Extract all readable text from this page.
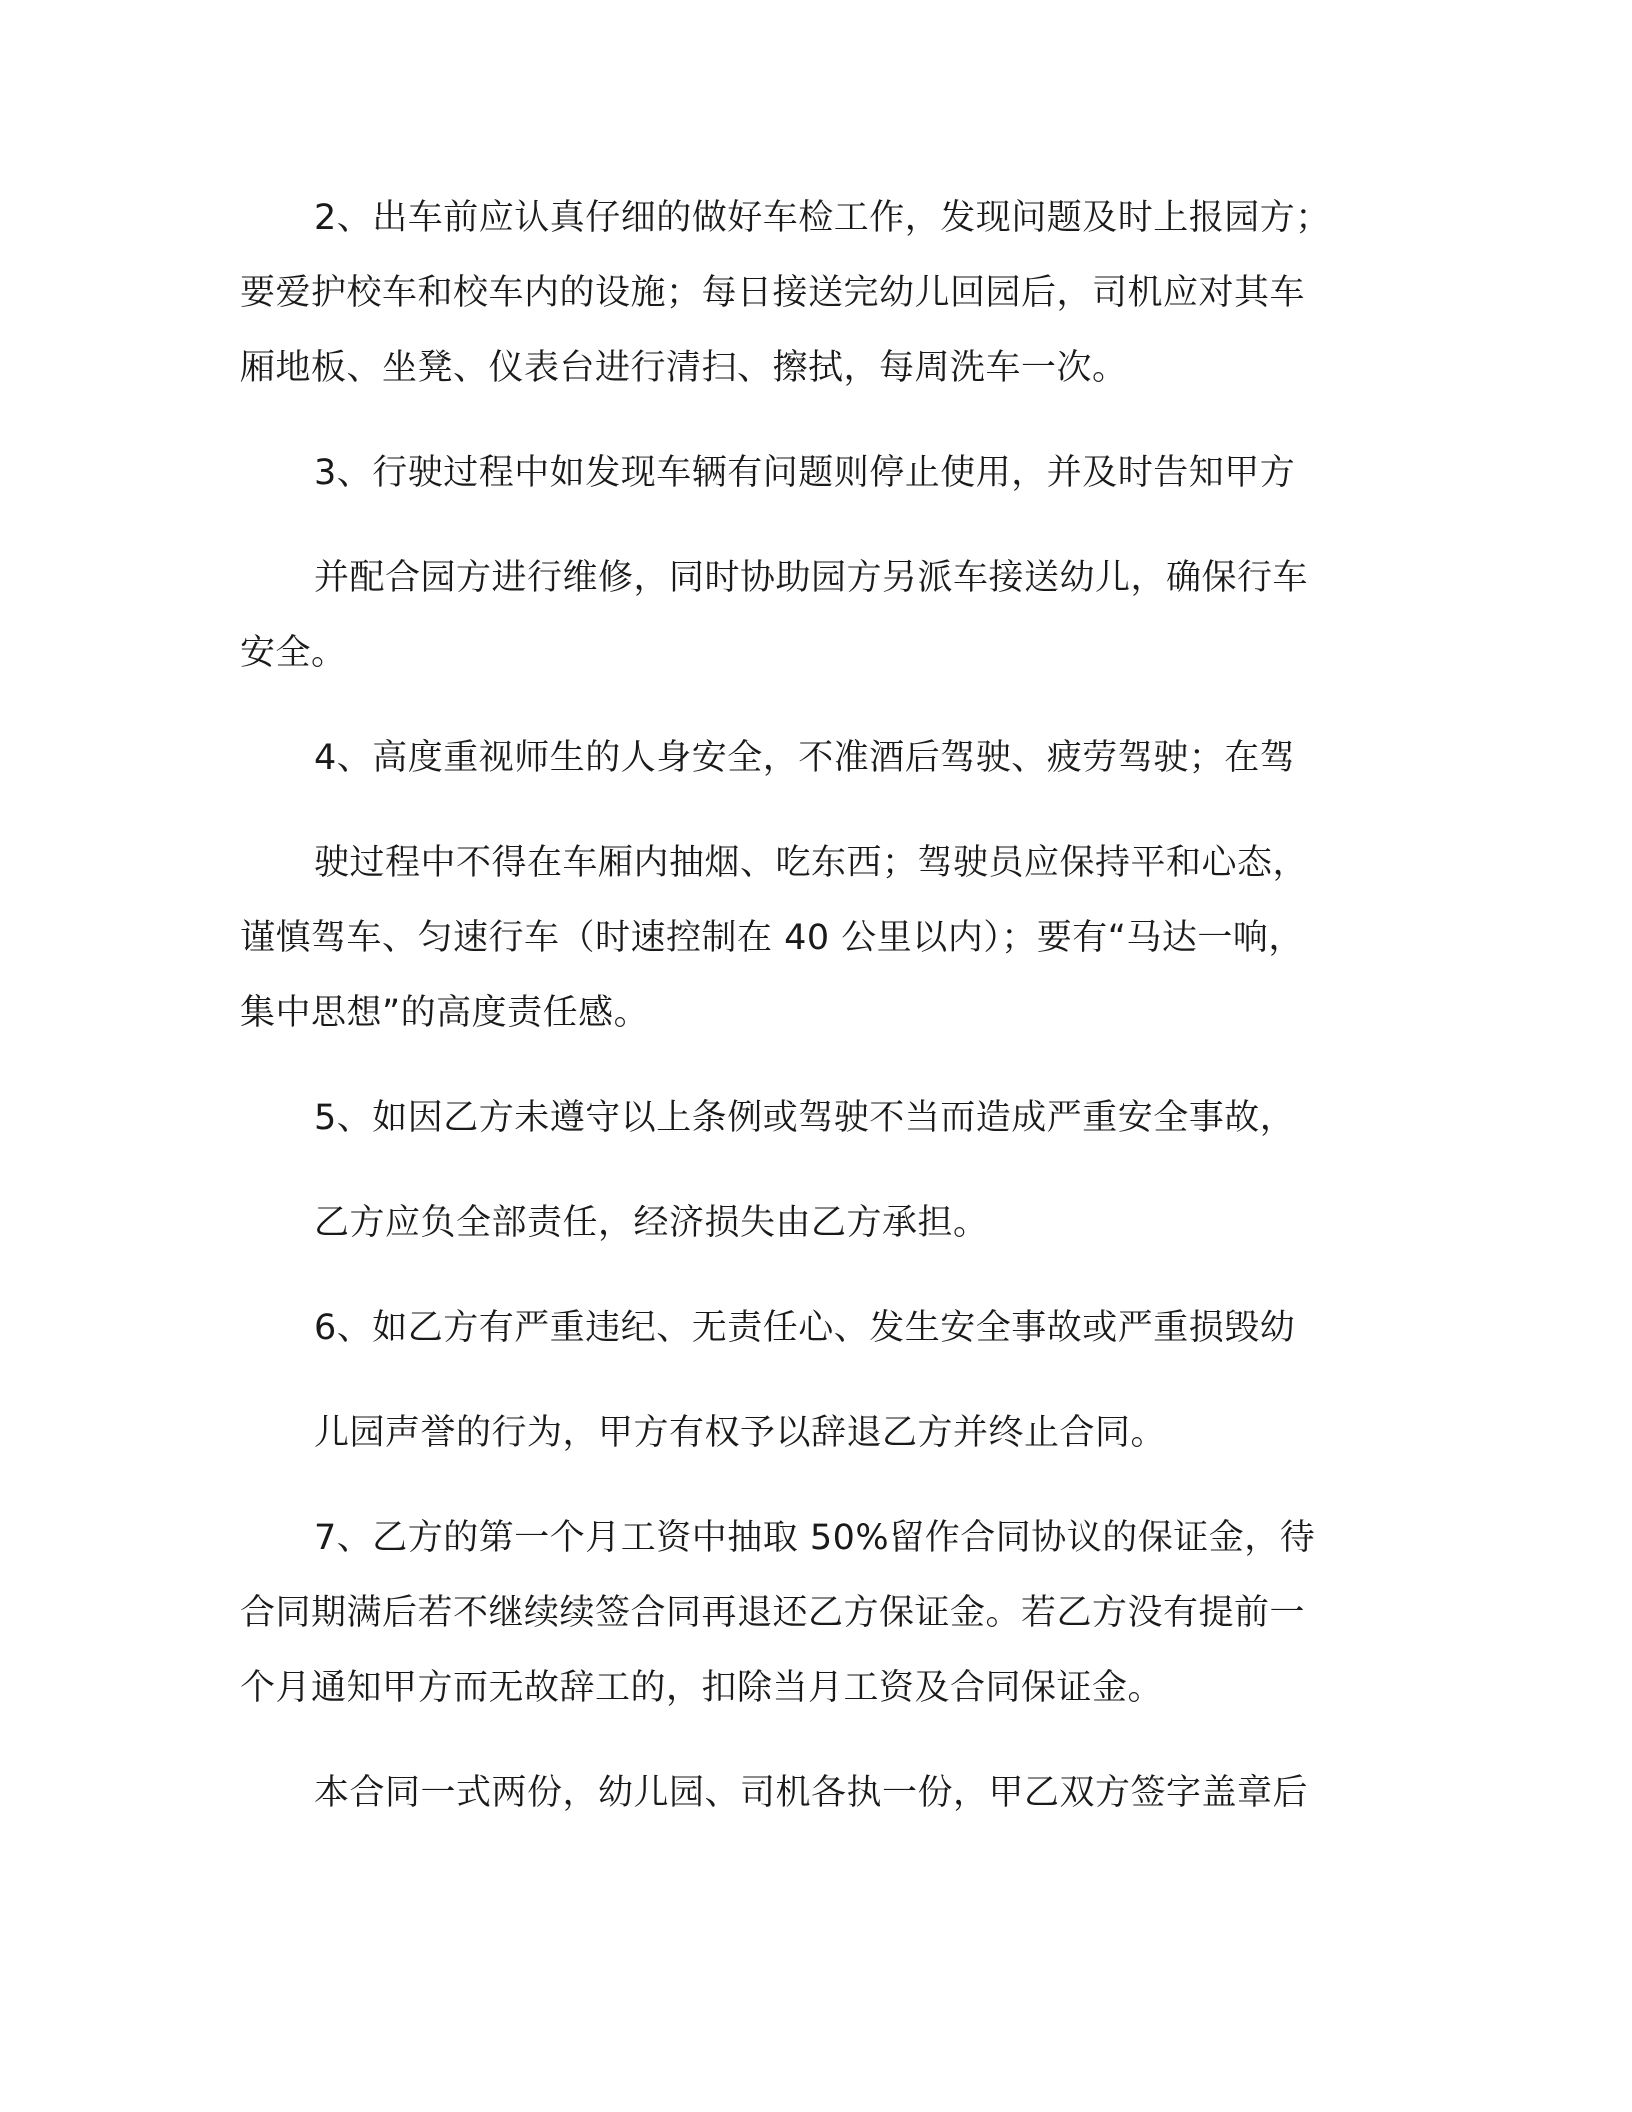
2、出车前应认真仔细的做好车检工作，发现问题及时上报园方；
要爱护校车和校车内的设施；每日接送完幼儿回园后，司机应对其车
厢地板、坐凳、仪表台进行清扫、擦拭，每周洗车一次。
3、行驶过程中如发现车辆有问题则停止使用，并及时告知甲方
并配合园方进行维修，同时协助园方另派车接送幼儿，确保行车
安全。
4、高度重视师生的人身安全，不准酒后驾驶、疲劳驾驶；在驾
驶过程中不得在车厢内抽烟、吃东西；驾驶员应保持平和心态，
谨慎驾车、匀速行车（时速控制在 40 公里以内）；要有“马达一响，
集中思想”的高度责任感。
5、如因乙方未遵守以上条例或驾驶不当而造成严重安全事故，
乙方应负全部责任，经济损失由乙方承担。
6、如乙方有严重违纪、无责任心、发生安全事故或严重损毁幼
儿园声誉的行为，甲方有权予以辞退乙方并终止合同。
7、乙方的第一个月工资中抽取 50%留作合同协议的保证金，待
合同期满后若不继续续签合同再退还乙方保证金。若乙方没有提前一
个月通知甲方而无故辞工的，扣除当月工资及合同保证金。
本合同一式两份，幼儿园、司机各执一份，甲乙双方签字盖章后
